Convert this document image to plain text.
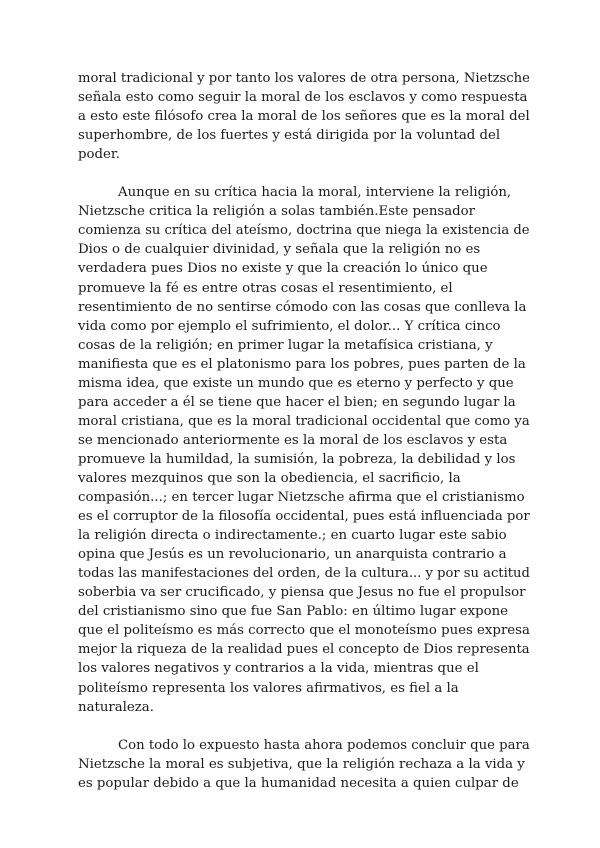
moral tradicional y por tanto los valores de otra persona, Nietzsche
señala esto como seguir la moral de los esclavos y como respuesta
a esto este filósofo crea la moral de los señores que es la moral del
superhombre, de los fuertes y está dirigida por la voluntad del
poder.
Aunque en su crítica hacia la moral, interviene la religión,
Nietzsche critica la religión a solas también.Este pensador
comienza su crítica del ateísmo, doctrina que niega la existencia de
Dios o de cualquier divinidad, y señala que la religión no es
verdadera pues Dios no existe y que la creación lo único que
promueve la fé es entre otras cosas el resentimiento, el
resentimiento de no sentirse cómodo con las cosas que conlleva la
vida como por ejemplo el sufrimiento, el dolor... Y crítica cinco
cosas de la religión; en primer lugar la metafísica cristiana, y
manifiesta que es el platonismo para los pobres, pues parten de la
misma idea, que existe un mundo que es eterno y perfecto y que
para acceder a él se tiene que hacer el bien; en segundo lugar la
moral cristiana, que es la moral tradicional occidental que como ya
se mencionado anteriormente es la moral de los esclavos y esta
promueve la humildad, la sumisión, la pobreza, la debilidad y los
valores mezquinos que son la obediencia, el sacrificio, la
compasión...; en tercer lugar Nietzsche afirma que el cristianismo
es el corruptor de la filosofía occidental, pues está influenciada por
la religión directa o indirectamente.; en cuarto lugar este sabio
opina que Jesús es un revolucionario, un anarquista contrario a
todas las manifestaciones del orden, de la cultura... y por su actitud
soberbia va ser crucificado, y piensa que Jesus no fue el propulsor
del cristianismo sino que fue San Pablo: en último lugar expone
que el politeísmo es más correcto que el monoteísmo pues expresa
mejor la riqueza de la realidad pues el concepto de Dios representa
los valores negativos y contrarios a la vida, mientras que el
politeísmo representa los valores afirmativos, es fiel a la
naturaleza.
Con todo lo expuesto hasta ahora podemos concluir que para
Nietzsche la moral es subjetiva, que la religión rechaza a la vida y
es popular debido a que la humanidad necesita a quien culpar de
